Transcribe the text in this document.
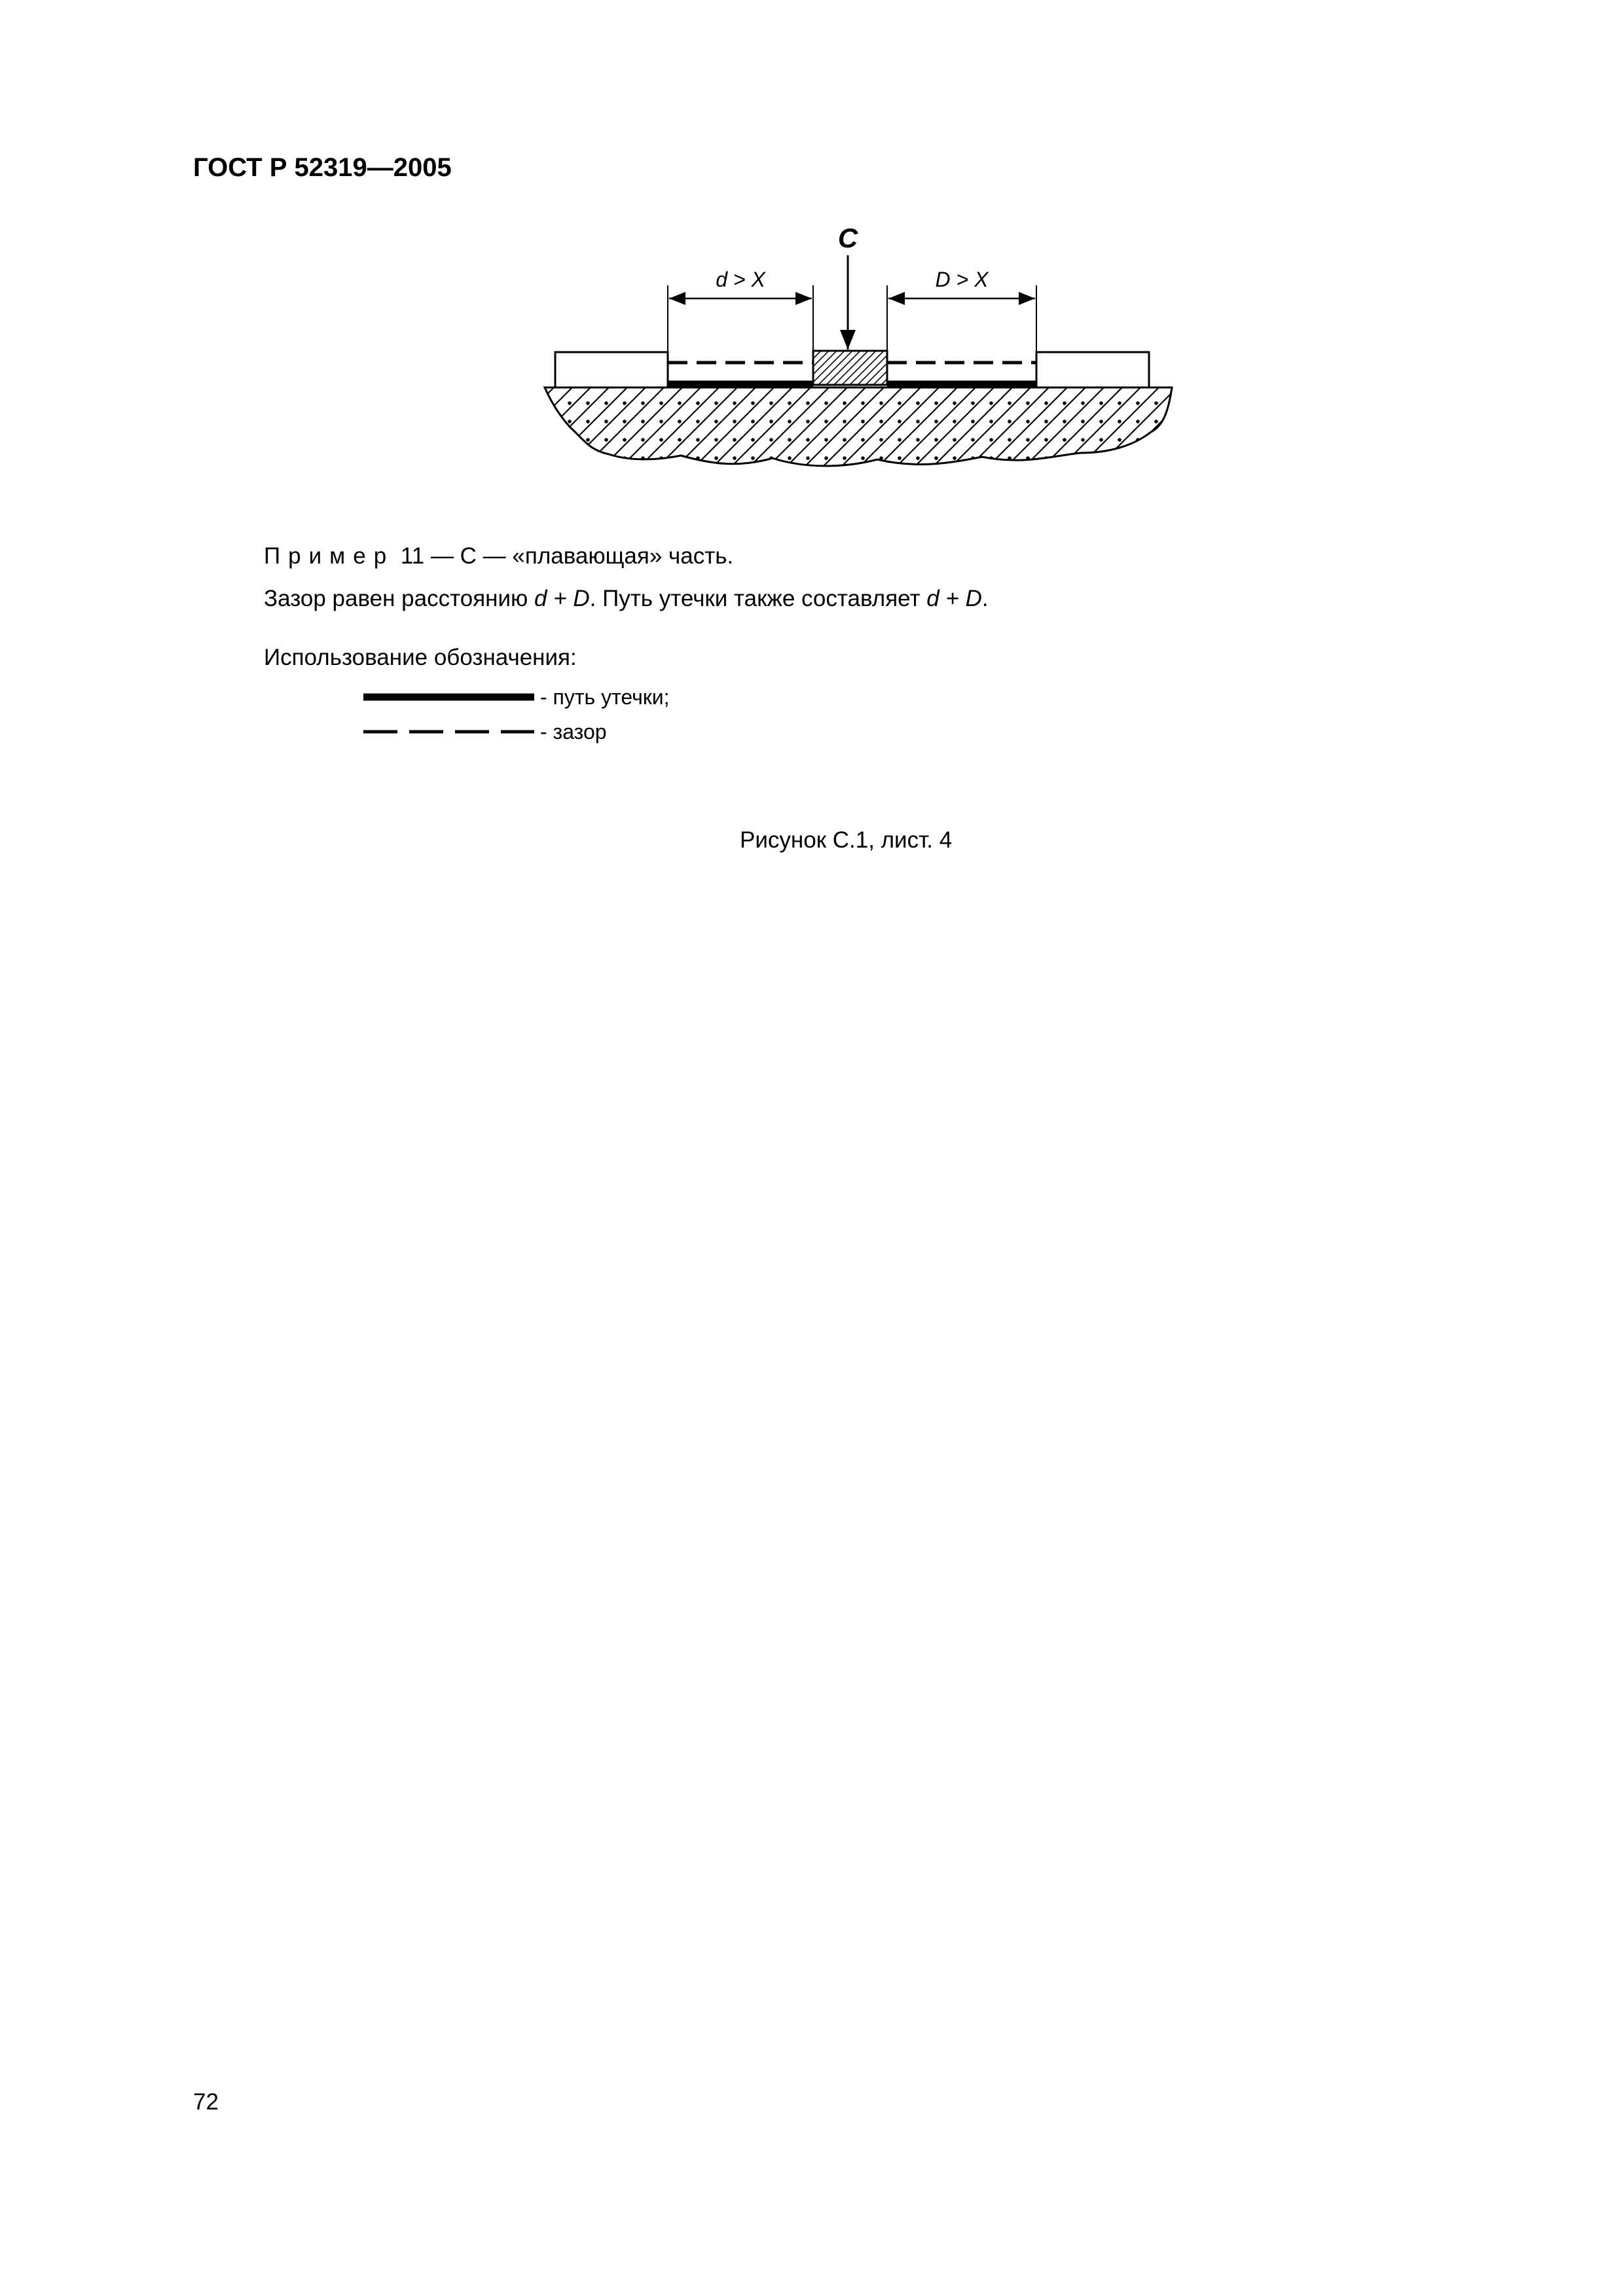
ГОСТ Р 52319—2005
C
d > X	D > X
Пример 11 — С — «плавающая» часть.
Зазор равен расстоянию d + D. Путь утечки также составляет d + D.
Использование обозначения:
- путь утечки;
- зазор
Рисунок С.1, лист. 4
72
